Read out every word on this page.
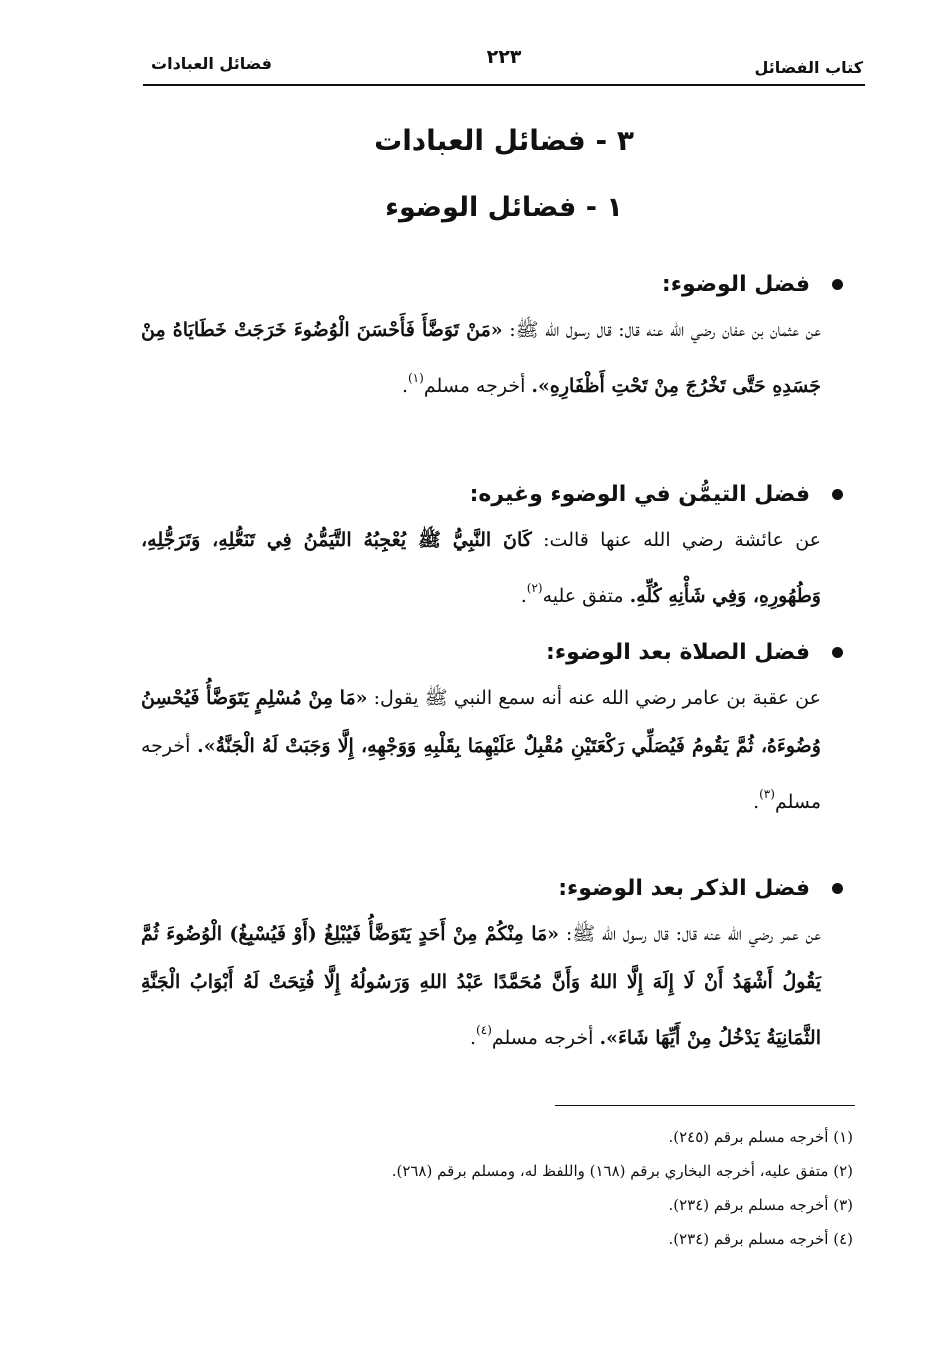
كتاب الفضائل
٢٢٣
فضائل العبادات
٣ - فضائل العبادات
١ - فضائل الوضوء
فضل الوضوء:

عن عثمان بن عفان رضي الله عنه قال: قال رسول الله ﷺ: «مَنْ تَوَضَّأَ فَأَحْسَنَ الْوُضُوءَ خَرَجَتْ خَطَايَاهُ مِنْ جَسَدِهِ حَتَّى تَخْرُجَ مِنْ تَحْتِ أَظْفَارِهِ». أخرجه مسلم$^{(١)}$.

فضل التيمُّن في الوضوء وغيره:

عن عائشة رضي الله عنها قالت: كَانَ النَّبِيُّ ﷺ يُعْجِبُهُ التَّيَمُّنُ فِي تَنَعُّلِهِ، وَتَرَجُّلِهِ، وَطُهُورِهِ، وَفِي شَأْنِهِ كُلِّهِ. متفق عليه$^{(٢)}$.

فضل الصلاة بعد الوضوء:

عن عقبة بن عامر رضي الله عنه أنه سمع النبي ﷺ يقول: «مَا مِنْ مُسْلِمٍ يَتَوَضَّأُ فَيُحْسِنُ وُضُوءَهُ، ثُمَّ يَقُومُ فَيُصَلِّي رَكْعَتَيْنِ مُقْبِلٌ عَلَيْهِمَا بِقَلْبِهِ وَوَجْهِهِ، إِلَّا وَجَبَتْ لَهُ الْجَنَّةُ». أخرجه مسلم$^{(٣)}$.

فضل الذكر بعد الوضوء:

عن عمر رضي الله عنه قال: قال رسول الله ﷺ: «مَا مِنْكُمْ مِنْ أَحَدٍ يَتَوَضَّأُ فَيُبْلِغُ (أَوْ فَيُسْبِغُ) الْوُضُوءَ ثُمَّ يَقُولُ أَشْهَدُ أَنْ لَا إِلَهَ إِلَّا اللهُ وَأَنَّ مُحَمَّدًا عَبْدُ اللهِ وَرَسُولُهُ إِلَّا فُتِحَتْ لَهُ أَبْوَابُ الْجَنَّةِ الثَّمَانِيَةُ يَدْخُلُ مِنْ أَيِّهَا شَاءَ». أخرجه مسلم$^{(٤)}$.

(١) أخرجه مسلم برقم (٢٤٥).
(٢) متفق عليه، أخرجه البخاري برقم (١٦٨) واللفظ له، ومسلم برقم (٢٦٨).
(٣) أخرجه مسلم برقم (٢٣٤).
(٤) أخرجه مسلم برقم (٢٣٤).
